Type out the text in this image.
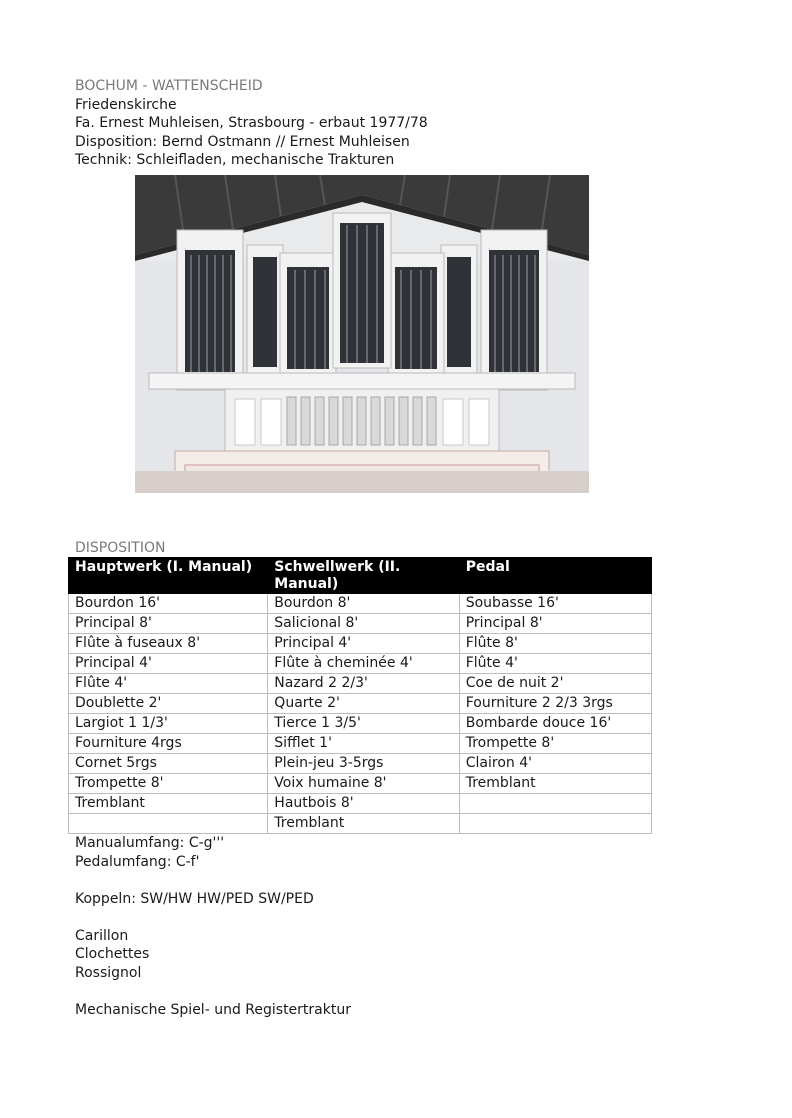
BOCHUM - WATTENSCHEID
Friedenskirche
Fa. Ernest Muhleisen, Strasbourg - erbaut 1977/78
Disposition: Bernd Ostmann // Ernest Muhleisen
Technik: Schleifladen, mechanische Trakturen
DISPOSITION
Hauptwerk (I. Manual)	Schwellwerk (II. Manual)	Pedal
Bourdon 16'	Bourdon 8'	Soubasse 16'
Principal 8'	Salicional 8'	Principal 8'
Flûte à fuseaux 8'	Principal 4'	Flûte 8'
Principal 4'	Flûte à cheminée 4'	Flûte 4'
Flûte 4'	Nazard 2 2/3'	Coe de nuit 2'
Doublette 2'	Quarte 2'	Fourniture 2 2/3 3rgs
Largiot 1 1/3'	Tierce 1 3/5'	Bombarde douce 16'
Fourniture 4rgs	Sifflet 1'	Trompette 8'
Cornet 5rgs	Plein-jeu 3-5rgs	Clairon 4'
Trompette 8'	Voix humaine 8'	Tremblant
Tremblant	Hautbois 8'	
	Tremblant	
Manualumfang: C-g'''
Pedalumfang: C-f'
Koppeln: SW/HW HW/PED SW/PED
Carillon
Clochettes
Rossignol
Mechanische Spiel- und Registertraktur
